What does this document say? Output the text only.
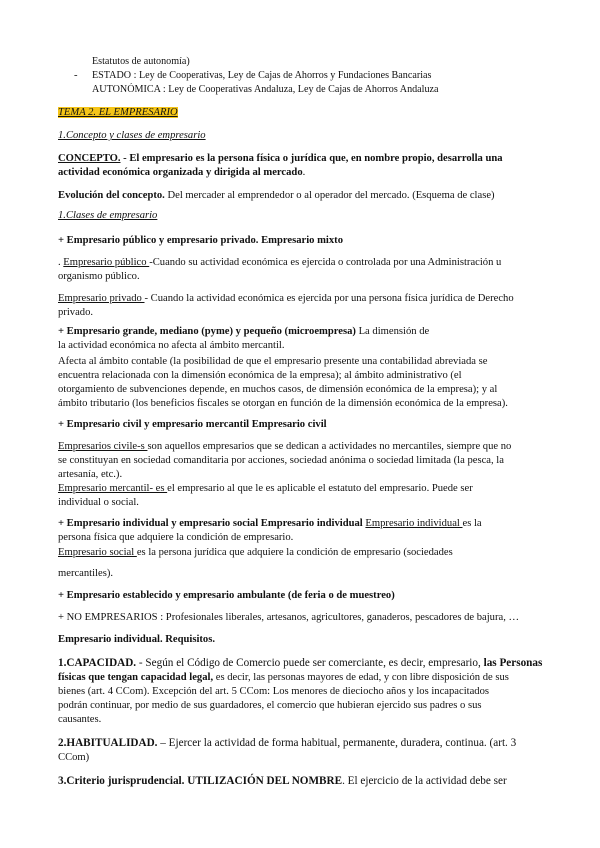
Estatutos de autonomía)
-	ESTADO : Ley de Cooperativas, Ley de Cajas de Ahorros y Fundaciones Bancarias
AUTONÓMICA : Ley de Cooperativas Andaluza, Ley de Cajas de Ahorros Andaluza
TEMA 2. EL EMPRESARIO
1.Concepto y clases de empresario
CONCEPTO. - El empresario es la persona física o jurídica que, en nombre propio, desarrolla una
actividad económica organizada y dirigida al mercado.
Evolución del concepto. Del mercader al emprendedor o al operador del mercado. (Esquema de clase)
1.Clases de empresario
+ Empresario público y empresario privado. Empresario mixto
. Empresario público -Cuando su actividad económica es ejercida o controlada por una Administración u
organismo público.
Empresario privado - Cuando la actividad económica es ejercida por una persona física jurídica de Derecho
privado.
+ Empresario grande, mediano (pyme) y pequeño (microempresa) La dimensión de
la actividad económica no afecta al ámbito mercantil.
Afecta al ámbito contable (la posibilidad de que el empresario presente una contabilidad abreviada se
encuentra relacionada con la dimensión económica de la empresa); al ámbito administrativo (el
otorgamiento de subvenciones depende, en muchos casos, de dimensión económica de la empresa); y al
ámbito tributario (los beneficios fiscales se otorgan en función de la dimensión económica de la empresa).
+ Empresario civil y empresario mercantil Empresario civil
Empresarios civile-s son aquellos empresarios que se dedican a actividades no mercantiles, siempre que no
se constituyan en sociedad comanditaria por acciones, sociedad anónima o sociedad limitada (la pesca, la
artesanía, etc.).
Empresario mercantil- es el empresario al que le es aplicable el estatuto del empresario. Puede ser
individual o social.
+ Empresario individual y empresario social Empresario individual Empresario individual es la
persona física que adquiere la condición de empresario.
Empresario social es la persona jurídica que adquiere la condición de empresario (sociedades
mercantiles).
+ Empresario establecido y empresario ambulante (de feria o de muestreo)
+ NO EMPRESARIOS : Profesionales liberales, artesanos, agricultores, ganaderos, pescadores de bajura, …
Empresario individual. Requisitos.
1.CAPACIDAD. - Según el Código de Comercio puede ser comerciante, es decir, empresario, las Personas
físicas que tengan capacidad legal, es decir, las personas mayores de edad, y con libre disposición de sus
bienes (art. 4 CCom). Excepción del art. 5 CCom: Los menores de dieciocho años y los incapacitados
podrán continuar, por medio de sus guardadores, el comercio que hubieran ejercido sus padres o sus
causantes.
2.HABITUALIDAD. – Ejercer la actividad de forma habitual, permanente, duradera, continua. (art. 3
CCom)
3.Criterio jurisprudencial. UTILIZACIÓN DEL NOMBRE. El ejercicio de la actividad debe ser
